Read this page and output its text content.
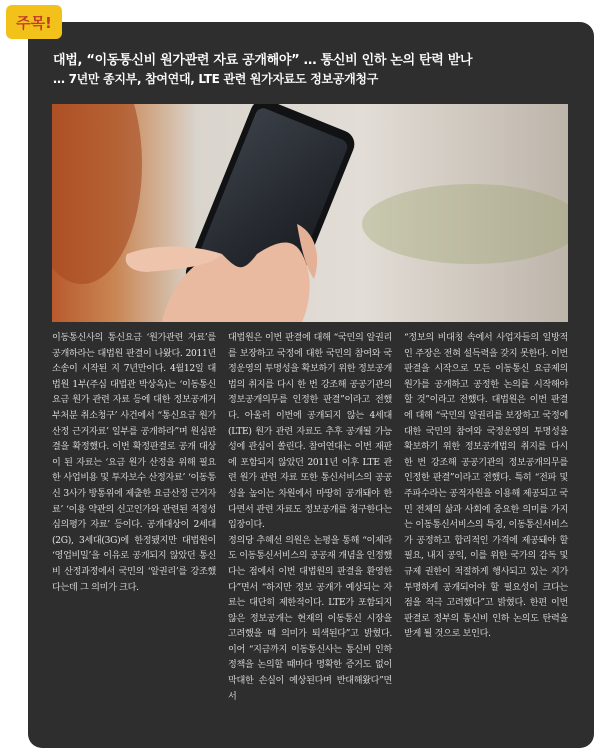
주목!
대법, “이동통신비 원가관련 자료 공개해야” … 통신비 인하 논의 탄력 받나
… 7년만 종지부, 참여연대, LTE 관련 원가자료도 정보공개청구

이동통신사의 통신요금 ‘원가관련 자료’를 공개하라는 대법원 판결이 나왔다. 2011년 소송이 시작된 지 7년만이다. 4월12일 대법원 1부(주심 대법관 박상옥)는 ‘이동통신요금 원가 관련 자료 등에 대한 정보공개거부처분 취소청구’ 사건에서 “통신요금 원가 산정 근거자료’ 일부를 공개하라”며 원심판결을 확정했다. 이번 확정판결로 공개 대상이 된 자료는 ‘요금 원가 산정을 위해 필요한 사업비용 및 투자보수 산정자료’ ‘이동통신 3사가 방통위에 제출한 요금산정 근거자료’ ‘이용 약관의 신고인가와 관련된 적정성 심의평가 자료’ 등이다. 공개대상이 2세대(2G), 3세대(3G)에 한정됐지만 대법원이 ‘영업비밀’을 이유로 공개되지 않았던 통신비 산정과정에서 국민의 ‘알권리’를 강조했다는데 그 의미가 크다.

대법원은 이번 판결에 대해 “국민의 알권리를 보장하고 국정에 대한 국민의 참여와 국정운영의 투명성을 확보하기 위한 정보공개법의 취지를 다시 한 번 강조해 공공기관의 정보공개의무를 인정한 판결”이라고 전했다. 아울러 이번에 공개되지 않는 4세대(LTE) 원가 관련 자료도 추후 공개될 가능성에 관심이 쏠린다. 참여연대는 이번 재판에 포함되지 않았던 2011년 이후 LTE 관련 원가 관련 자료 또한 통신서비스의 공공성을 높이는 차원에서 마땅히 공개돼야 한다면서 관련 자료도 정보공개를 청구한다는 입장이다.

정의당 추혜선 의원은 논평을 통해 “이제라도 이동통신서비스의 공공재 개념을 인정했다는 점에서 이번 대법원의 판결을 환영한다”면서 “하지만 정보 공개가 예상되는 자료는 대단히 제한적이다. LTE가 포함되지 않은 정보공개는 현재의 이동통신 시장을 고려했을 때 의미가 퇴색된다”고 밝혔다. 이어 “지금까지 이동통신사는 통신비 인하 정책을 논의할 때마다 명확한 증거도 없이 막대한 손실이 예상된다며 반대해왔다”면서

“정보의 비대칭 속에서 사업자들의 일방적인 주장은 전혀 설득력을 갖지 못한다. 이번 판결을 시작으로 모든 이동통신 요금제의 원가를 공개하고 공정한 논의를 시작해야 할 것”이라고 전했다. 대법원은 이번 판결에 대해 “국민의 알권리를 보장하고 국정에 대한 국민의 참여와 국정운영의 투명성을 확보하기 위한 정보공개법의 취지를 다시 한 번 강조해 공공기관의 정보공개의무를 인정한 판결”이라고 전했다. 특히 “전파 및 주파수라는 공적자원을 이용해 제공되고 국민 전체의 삶과 사회에 중요한 의미를 가지는 이동통신서비스의 특징, 이동통신서비스가 공정하고 합리적인 가격에 제공돼야 할 필요, 내지 공익, 이를 위한 국가의 감독 및 규제 권한이 적절하게 행사되고 있는 지가 투명하게 공개되어야 할 필요성이 크다는 점을 적극 고려했다”고 밝혔다. 한편 이번 판결로 정부의 통신비 인하 논의도 탄력을 받게 될 것으로 보인다.
